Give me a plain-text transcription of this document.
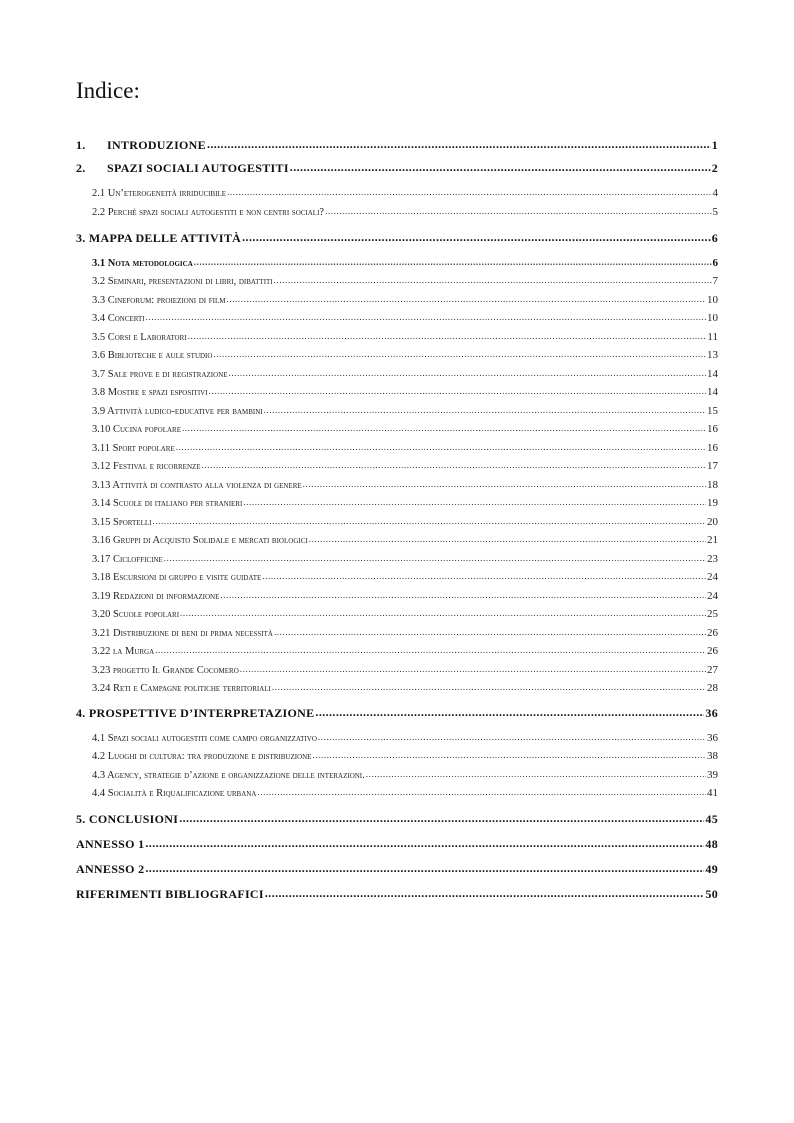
Indice:
1. INTRODUZIONE .....	1
2. SPAZI SOCIALI AUTOGESTITI .....	2
2.1 Un’eterogeneità irriducibile .....	4
2.2 Perché spazi sociali autogestiti e non centri sociali? .....	5
3. MAPPA DELLE ATTIVITÀ .....	6
3.1 Nota metodologica .....	6
3.2 Seminari, presentazioni di libri, dibattiti .....	7
3.3 Cineforum: proiezioni di film .....	10
3.4 Concerti .....	10
3.5 Corsi e Laboratori .....	11
3.6 Biblioteche e aule studio .....	13
3.7 Sale prove e di registrazione .....	14
3.8 Mostre e spazi espositivi .....	14
3.9 Attività ludico-educative per bambini .....	15
3.10 Cucina popolare .....	16
3.11 Sport popolare .....	16
3.12 Festival e ricorrenze .....	17
3.13 Attività di contrasto alla violenza di genere .....	18
3.14 Scuole di italiano per stranieri .....	19
3.15 Sportelli .....	20
3.16 Gruppi di Acquisto Solidale e mercati biologici .....	21
3.17 Ciclofficine .....	23
3.18 Escursioni di gruppo e visite guidate .....	24
3.19 Redazioni di informazione .....	24
3.20 Scuole popolari .....	25
3.21 Distribuzione di beni di prima necessità .....	26
3.22 la Murga .....	26
3.23 progetto Il Grande Cocomero .....	27
3.24 Reti e Campagne politiche territoriali .....	28
4. PROSPETTIVE D’INTERPRETAZIONE .....	36
4.1 Spazi sociali autogestiti come campo organizzativo .....	36
4.2 Luoghi di cultura: tra produzione e distribuzione .....	38
4.3 Agency, strategie d’azione e organizzazione delle interazioni. .....	39
4.4 Socialità e Riqualificazione urbana .....	41
5. CONCLUSIONI .....	45
ANNESSO 1 .....	48
ANNESSO 2 .....	49
RIFERIMENTI BIBLIOGRAFICI .....	50
